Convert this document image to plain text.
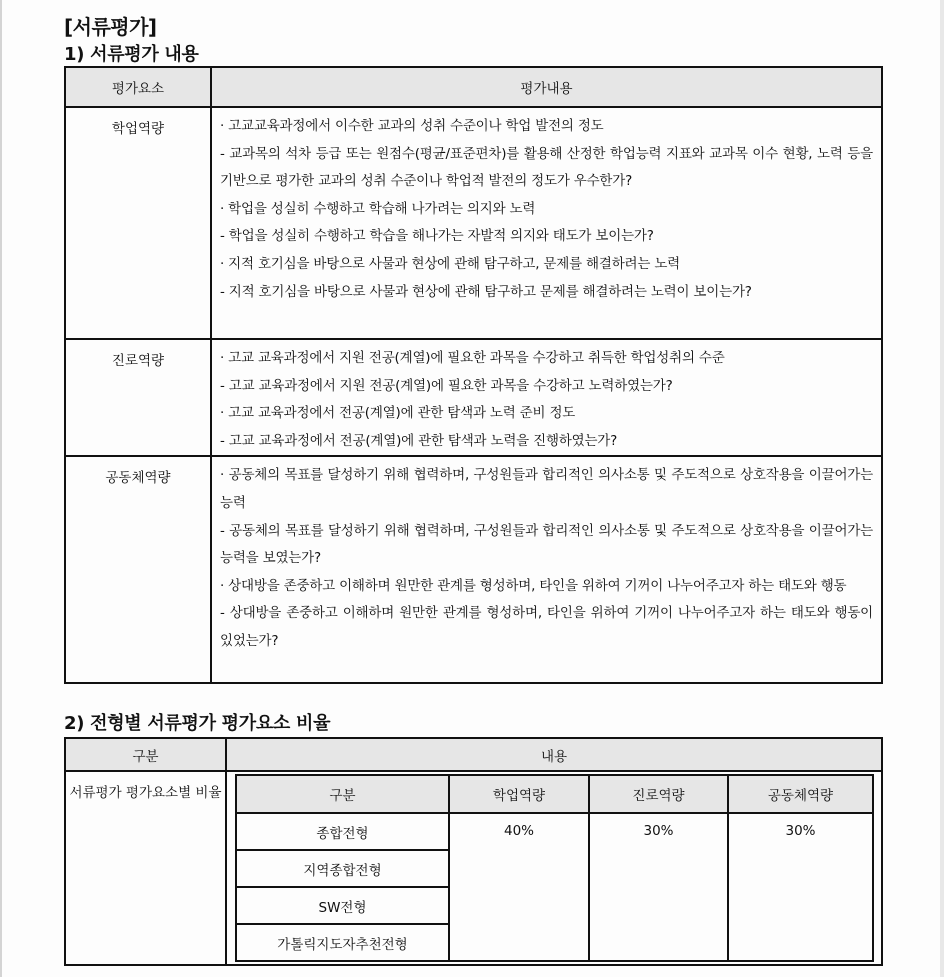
[서류평가]
1) 서류평가 내용
평가요소	평가내용
학업역량	· 고교교육과정에서 이수한 교과의 성취 수준이나 학업 발전의 정도
- 교과목의 석차 등급 또는 원점수(평균/표준편차)를 활용해 산정한 학업능력 지표와 교과목 이수 현황, 노력 등을 기반으로 평가한 교과의 성취 수준이나 학업적 발전의 정도가 우수한가?
· 학업을 성실히 수행하고 학습해 나가려는 의지와 노력
- 학업을 성실히 수행하고 학습을 해나가는 자발적 의지와 태도가 보이는가?
· 지적 호기심을 바탕으로 사물과 현상에 관해 탐구하고, 문제를 해결하려는 노력
- 지적 호기심을 바탕으로 사물과 현상에 관해 탐구하고 문제를 해결하려는 노력이 보이는가?

진로역량	· 고교 교육과정에서 지원 전공(계열)에 필요한 과목을 수강하고 취득한 학업성취의 수준
- 고교 교육과정에서 지원 전공(계열)에 필요한 과목을 수강하고 노력하였는가?
· 고교 교육과정에서 전공(계열)에 관한 탐색과 노력 준비 정도
- 고교 교육과정에서 전공(계열)에 관한 탐색과 노력을 진행하였는가?

공동체역량	· 공동체의 목표를 달성하기 위해 협력하며, 구성원들과 합리적인 의사소통 및 주도적으로 상호작용을 이끌어가는 능력
- 공동체의 목표를 달성하기 위해 협력하며, 구성원들과 합리적인 의사소통 및 주도적으로 상호작용을 이끌어가는 능력을 보였는가?
· 상대방을 존중하고 이해하며 원만한 관계를 형성하며, 타인을 위하여 기꺼이 나누어주고자 하는 태도와 행동
- 상대방을 존중하고 이해하며 원만한 관계를 형성하며, 타인을 위하여 기꺼이 나누어주고자 하는 태도와 행동이 있었는가?
2) 전형별 서류평가 평가요소 비율
구분	내용
서류평가 평가요소별 비율		구분	학업역량	진로역량	공동체역량
종합전형	40%	30%	30%
지역종합전형
SW전형
가톨릭지도자추천전형
